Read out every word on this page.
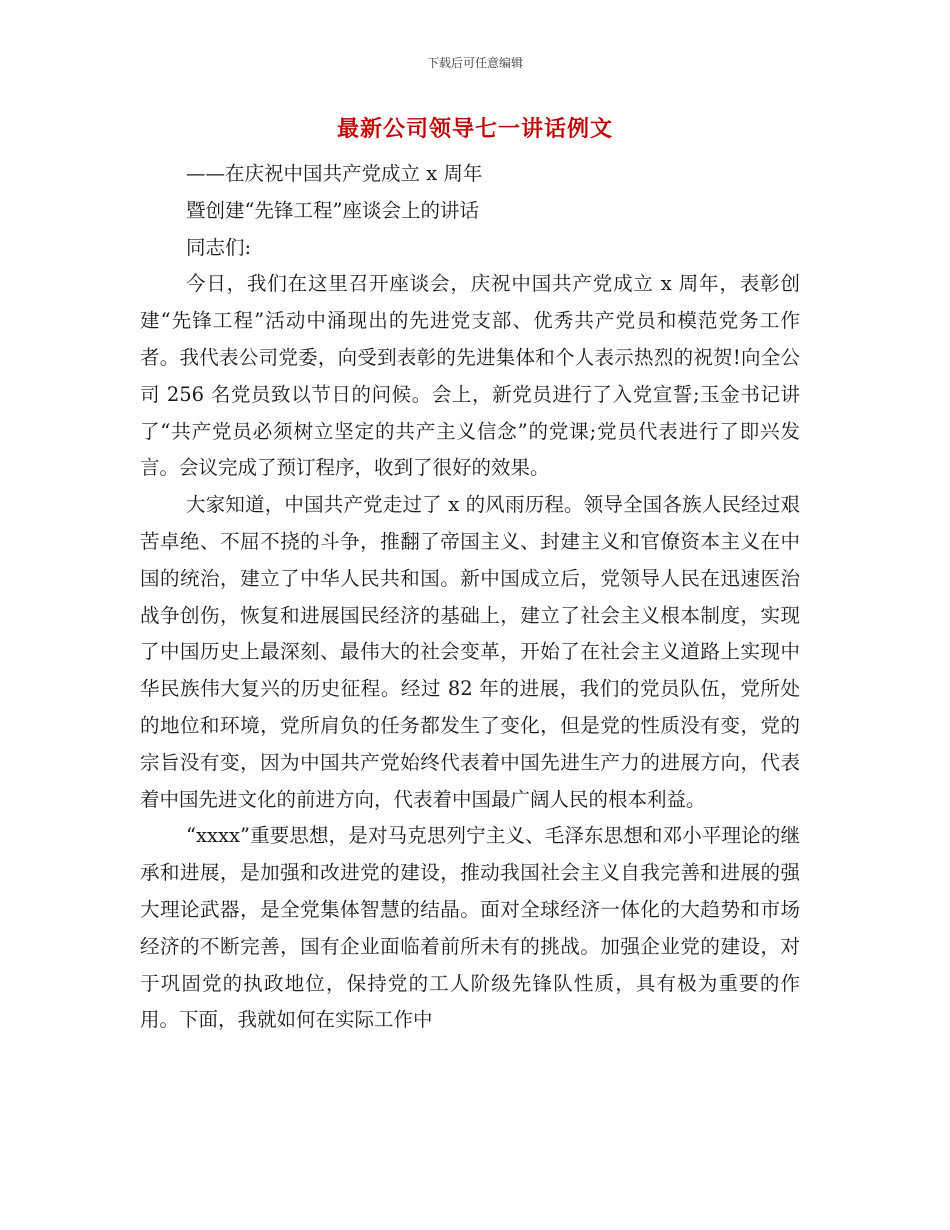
下载后可任意编辑
最新公司领导七一讲话例文

——在庆祝中国共产党成立 x 周年

暨创建“先锋工程”座谈会上的讲话

同志们:

今日，我们在这里召开座谈会，庆祝中国共产党成立 x 周年，表彰创建“先锋工程”活动中涌现出的先进党支部、优秀共产党员和模范党务工作者。我代表公司党委，向受到表彰的先进集体和个人表示热烈的祝贺!向全公司 256 名党员致以节日的问候。会上，新党员进行了入党宣誓;玉金书记讲了“共产党员必须树立坚定的共产主义信念”的党课;党员代表进行了即兴发言。会议完成了预订程序，收到了很好的效果。

大家知道，中国共产党走过了 x 的风雨历程。领导全国各族人民经过艰苦卓绝、不屈不挠的斗争，推翻了帝国主义、封建主义和官僚资本主义在中国的统治，建立了中华人民共和国。新中国成立后，党领导人民在迅速医治战争创伤，恢复和进展国民经济的基础上，建立了社会主义根本制度，实现了中国历史上最深刻、最伟大的社会变革，开始了在社会主义道路上实现中华民族伟大复兴的历史征程。经过 82 年的进展，我们的党员队伍，党所处的地位和环境，党所肩负的任务都发生了变化，但是党的性质没有变，党的宗旨没有变，因为中国共产党始终代表着中国先进生产力的进展方向，代表着中国先进文化的前进方向，代表着中国最广阔人民的根本利益。

“xxxx”重要思想，是对马克思列宁主义、毛泽东思想和邓小平理论的继承和进展，是加强和改进党的建设，推动我国社会主义自我完善和进展的强大理论武器，是全党集体智慧的结晶。面对全球经济一体化的大趋势和市场经济的不断完善，国有企业面临着前所未有的挑战。加强企业党的建设，对于巩固党的执政地位，保持党的工人阶级先锋队性质，具有极为重要的作用。下面，我就如何在实际工作中
